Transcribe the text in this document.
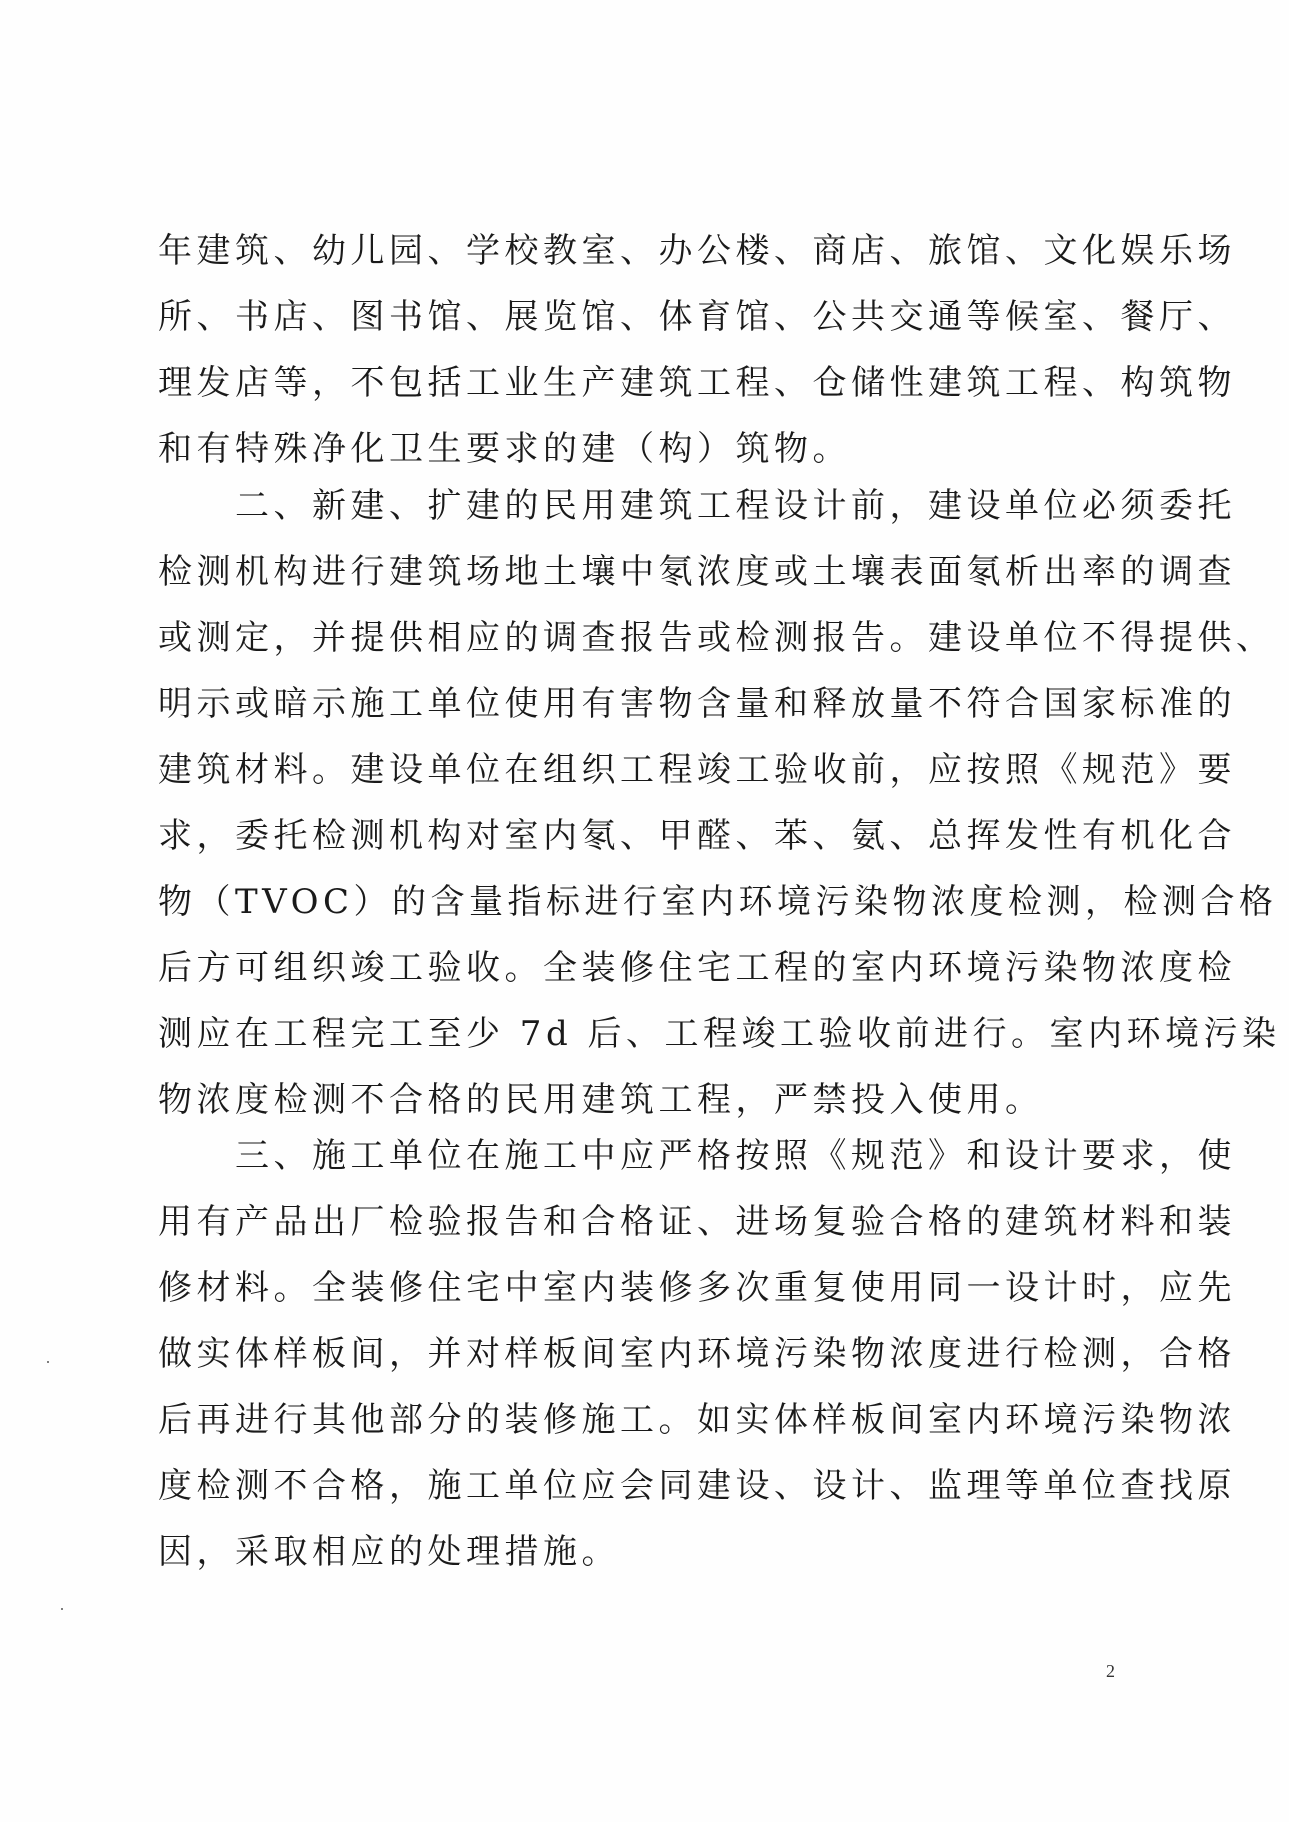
年建筑、幼儿园、学校教室、办公楼、商店、旅馆、文化娱乐场
所、书店、图书馆、展览馆、体育馆、公共交通等候室、餐厅、
理发店等，不包括工业生产建筑工程、仓储性建筑工程、构筑物
和有特殊净化卫生要求的建（构）筑物。
　　二、新建、扩建的民用建筑工程设计前，建设单位必须委托
检测机构进行建筑场地土壤中氡浓度或土壤表面氡析出率的调查
或测定，并提供相应的调查报告或检测报告。建设单位不得提供、
明示或暗示施工单位使用有害物含量和释放量不符合国家标准的
建筑材料。建设单位在组织工程竣工验收前，应按照《规范》要
求，委托检测机构对室内氡、甲醛、苯、氨、总挥发性有机化合
物（TVOC）的含量指标进行室内环境污染物浓度检测，检测合格
后方可组织竣工验收。全装修住宅工程的室内环境污染物浓度检
测应在工程完工至少 7d 后、工程竣工验收前进行。室内环境污染
物浓度检测不合格的民用建筑工程，严禁投入使用。
　　三、施工单位在施工中应严格按照《规范》和设计要求，使
用有产品出厂检验报告和合格证、进场复验合格的建筑材料和装
修材料。全装修住宅中室内装修多次重复使用同一设计时，应先
做实体样板间，并对样板间室内环境污染物浓度进行检测，合格
后再进行其他部分的装修施工。如实体样板间室内环境污染物浓
度检测不合格，施工单位应会同建设、设计、监理等单位查找原
因，采取相应的处理措施。
2
